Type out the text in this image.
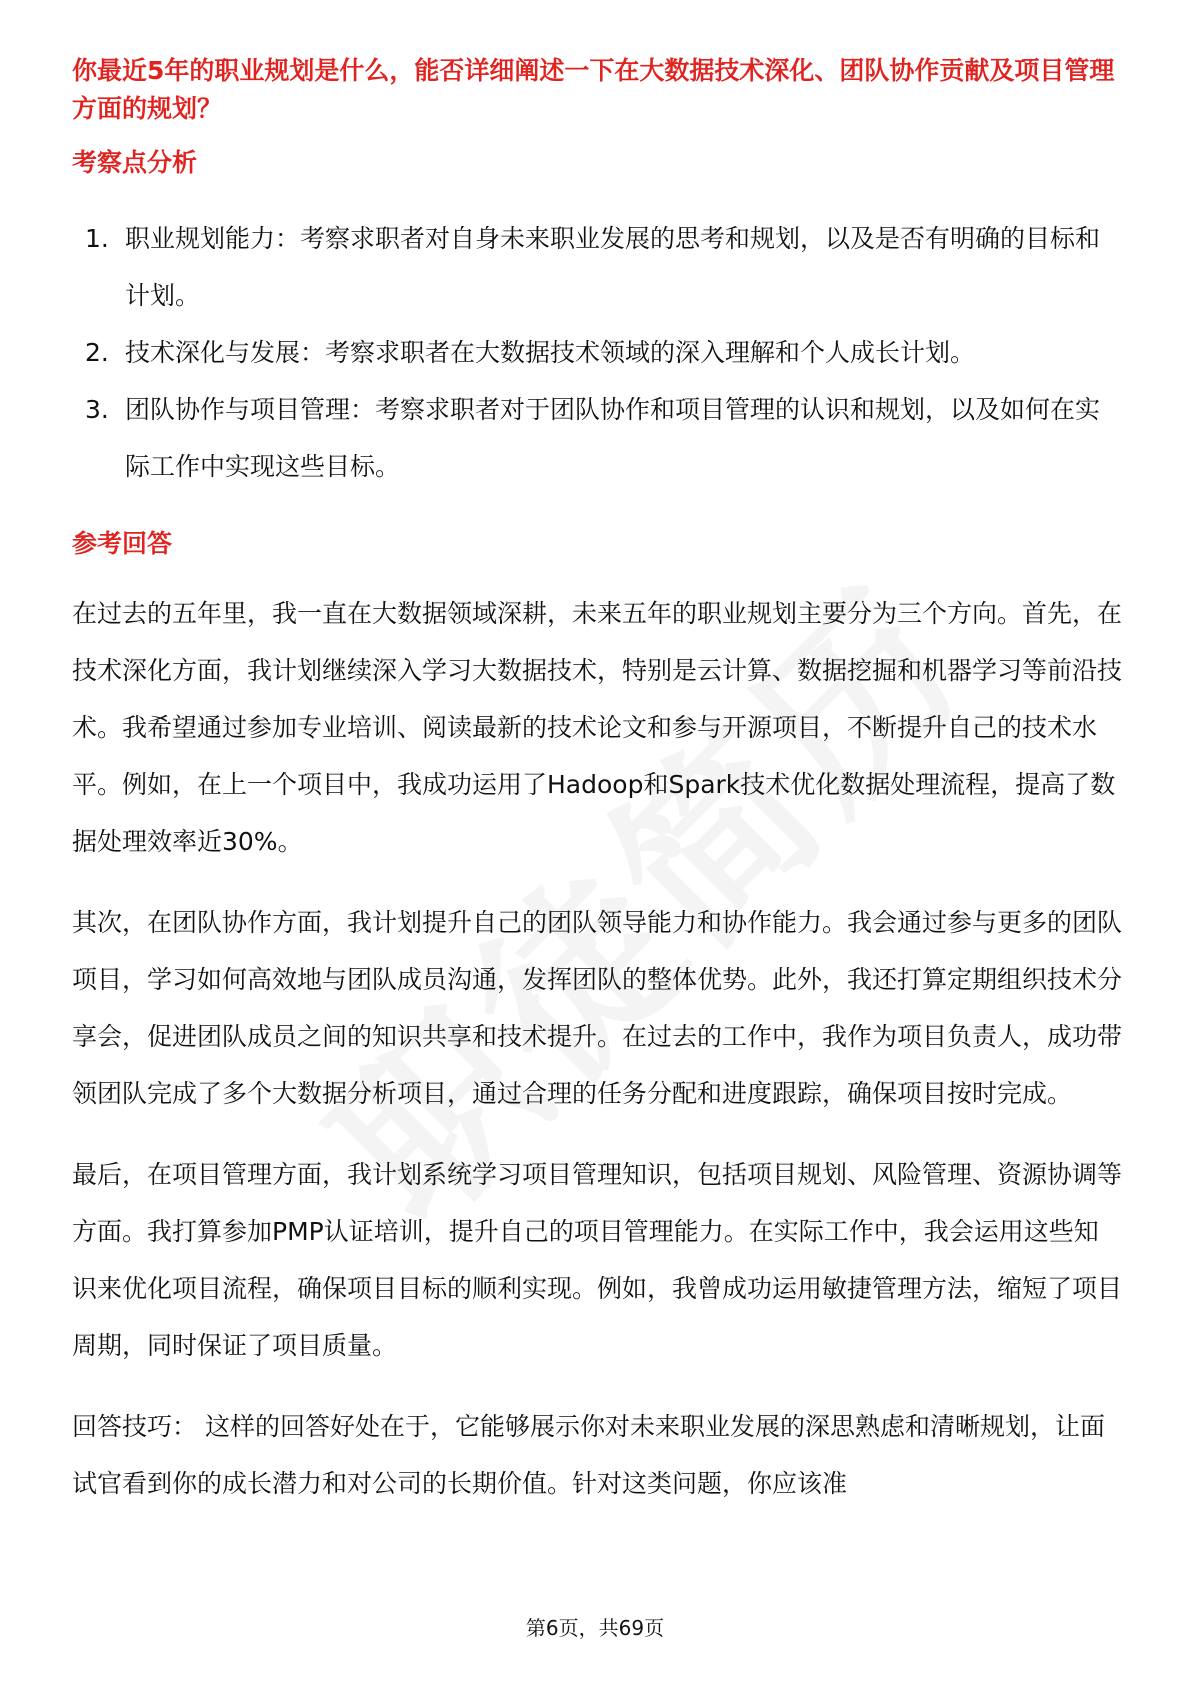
你最近5年的职业规划是什么，能否详细阐述一下在大数据技术深化、团队协作贡献及项目管理方面的规划？

考察点分析

1. 职业规划能力：考察求职者对自身未来职业发展的思考和规划，以及是否有明确的目标和计划。
2. 技术深化与发展：考察求职者在大数据技术领域的深入理解和个人成长计划。
3. 团队协作与项目管理：考察求职者对于团队协作和项目管理的认识和规划，以及如何在实际工作中实现这些目标。

参考回答

在过去的五年里，我一直在大数据领域深耕，未来五年的职业规划主要分为三个方向。首先，在技术深化方面，我计划继续深入学习大数据技术，特别是云计算、数据挖掘和机器学习等前沿技术。我希望通过参加专业培训、阅读最新的技术论文和参与开源项目，不断提升自己的技术水平。例如，在上一个项目中，我成功运用了Hadoop和Spark技术优化数据处理流程，提高了数据处理效率近30%。

其次，在团队协作方面，我计划提升自己的团队领导能力和协作能力。我会通过参与更多的团队项目，学习如何高效地与团队成员沟通，发挥团队的整体优势。此外，我还打算定期组织技术分享会，促进团队成员之间的知识共享和技术提升。在过去的工作中，我作为项目负责人，成功带领团队完成了多个大数据分析项目，通过合理的任务分配和进度跟踪，确保项目按时完成。

最后，在项目管理方面，我计划系统学习项目管理知识，包括项目规划、风险管理、资源协调等方面。我打算参加PMP认证培训，提升自己的项目管理能力。在实际工作中，我会运用这些知识来优化项目流程，确保项目目标的顺利实现。例如，我曾成功运用敏捷管理方法，缩短了项目周期，同时保证了项目质量。

回答技巧： 这样的回答好处在于，它能够展示你对未来职业发展的深思熟虑和清晰规划，让面试官看到你的成长潜力和对公司的长期价值。针对这类问题，你应该准

第6页，共69页
